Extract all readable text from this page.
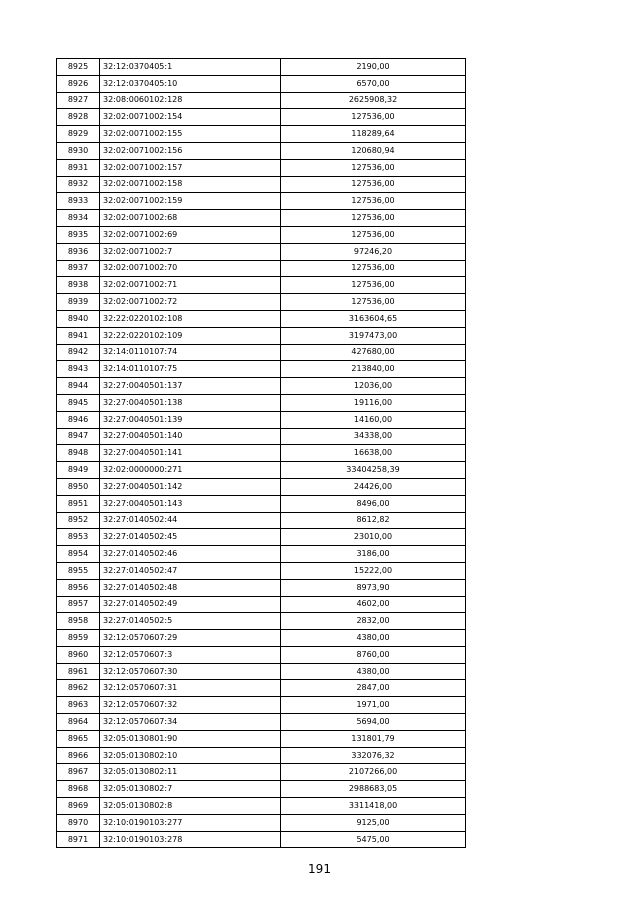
8925	32:12:0370405:1	2190,00
8926	32:12:0370405:10	6570,00
8927	32:08:0060102:128	2625908,32
8928	32:02:0071002:154	127536,00
8929	32:02:0071002:155	118289,64
8930	32:02:0071002:156	120680,94
8931	32:02:0071002:157	127536,00
8932	32:02:0071002:158	127536,00
8933	32:02:0071002:159	127536,00
8934	32:02:0071002:68	127536,00
8935	32:02:0071002:69	127536,00
8936	32:02:0071002:7	97246,20
8937	32:02:0071002:70	127536,00
8938	32:02:0071002:71	127536,00
8939	32:02:0071002:72	127536,00
8940	32:22:0220102:108	3163604,65
8941	32:22:0220102:109	3197473,00
8942	32:14:0110107:74	427680,00
8943	32:14:0110107:75	213840,00
8944	32:27:0040501:137	12036,00
8945	32:27:0040501:138	19116,00
8946	32:27:0040501:139	14160,00
8947	32:27:0040501:140	34338,00
8948	32:27:0040501:141	16638,00
8949	32:02:0000000:271	33404258,39
8950	32:27:0040501:142	24426,00
8951	32:27:0040501:143	8496,00
8952	32:27:0140502:44	8612,82
8953	32:27:0140502:45	23010,00
8954	32:27:0140502:46	3186,00
8955	32:27:0140502:47	15222,00
8956	32:27:0140502:48	8973,90
8957	32:27:0140502:49	4602,00
8958	32:27:0140502:5	2832,00
8959	32:12:0570607:29	4380,00
8960	32:12:0570607:3	8760,00
8961	32:12:0570607:30	4380,00
8962	32:12:0570607:31	2847,00
8963	32:12:0570607:32	1971,00
8964	32:12:0570607:34	5694,00
8965	32:05:0130801:90	131801,79
8966	32:05:0130802:10	332076,32
8967	32:05:0130802:11	2107266,00
8968	32:05:0130802:7	2988683,05
8969	32:05:0130802:8	3311418,00
8970	32:10:0190103:277	9125,00
8971	32:10:0190103:278	5475,00
191
